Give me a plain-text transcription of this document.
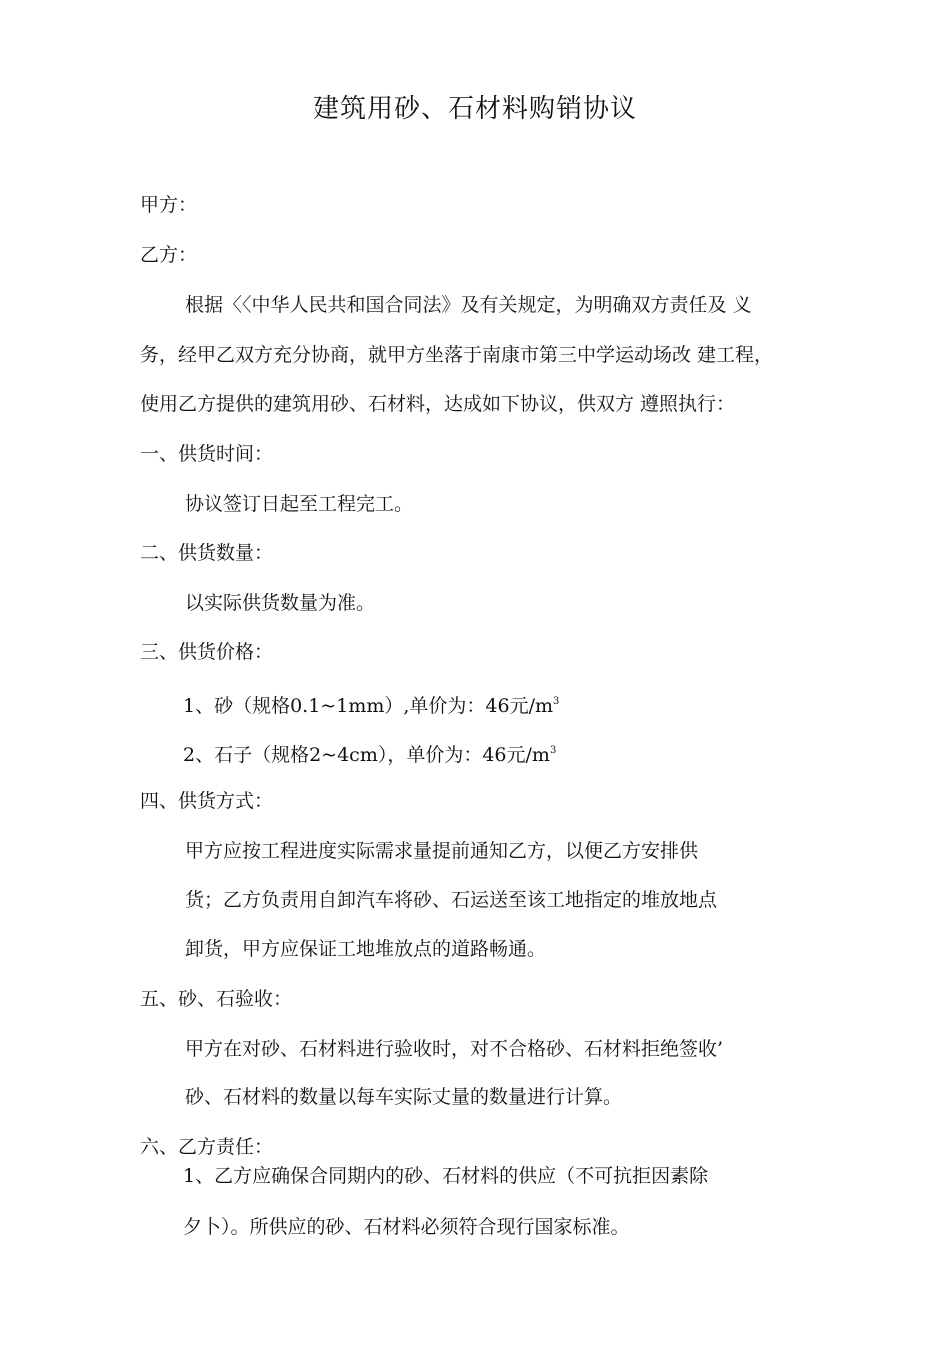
建筑用砂、石材料购销协议
甲方：
乙方：
根据〈〈中华人民共和国合同法》及有关规定，为明确双方责任及 义
务，经甲乙双方充分协商，就甲方坐落于南康市第三中学运动场改 建工程，
使用乙方提供的建筑用砂、石材料，达成如下协议，供双方 遵照执行：
一、供货时间：
协议签订日起至工程完工。
二、供货数量：
以实际供货数量为准。
三、供货价格：
1、砂（规格0.1~1mm）,单价为：46元$/m^3$
2、石子（规格2~4cm），单价为：46元$/m^3$
四、供货方式：
甲方应按工程进度实际需求量提前通知乙方，以便乙方安排供
货；乙方负责用自卸汽车将砂、石运送至该工地指定的堆放地点
卸货，甲方应保证工地堆放点的道路畅通。
五、砂、石验收：
甲方在对砂、石材料进行验收时，对不合格砂、石材料拒绝签收’
砂、石材料的数量以每车实际丈量的数量进行计算。
六、乙方责任：
1、乙方应确保合同期内的砂、石材料的供应（不可抗拒因素除
夕卜）。所供应的砂、石材料必须符合现行国家标准。
